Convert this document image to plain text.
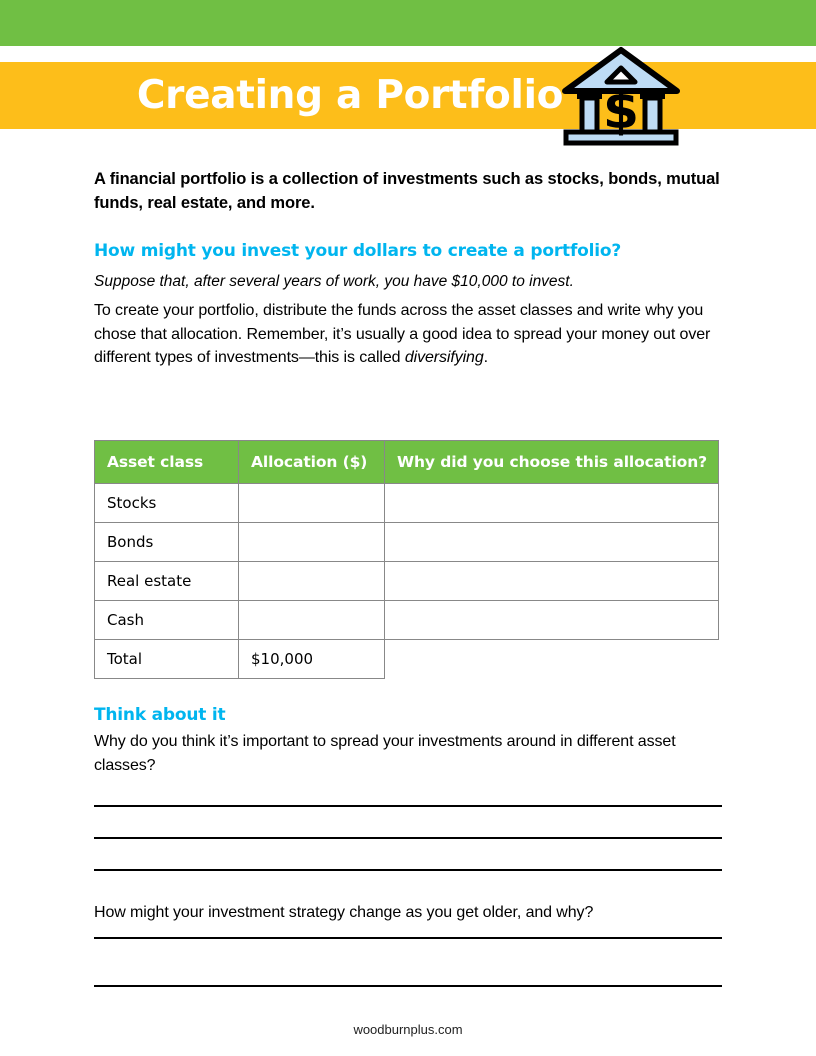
Creating a Portfolio $

A financial portfolio is a collection of investments such as stocks, bonds, mutual funds, real estate, and more.

How might you invest your dollars to create a portfolio?

Suppose that, after several years of work, you have $10,000 to invest.

To create your portfolio, distribute the funds across the asset classes and write why you chose that allocation. Remember, it’s usually a good idea to spread your money out over different types of investments—this is called diversifying.

Asset class	Allocation ($)	Why did you choose this allocation?
Stocks		
Bonds		
Real estate		
Cash		
Total	$10,000	

Think about it

Why do you think it’s important to spread your investments around in different asset classes?

How might your investment strategy change as you get older, and why?

woodburnplus.com
